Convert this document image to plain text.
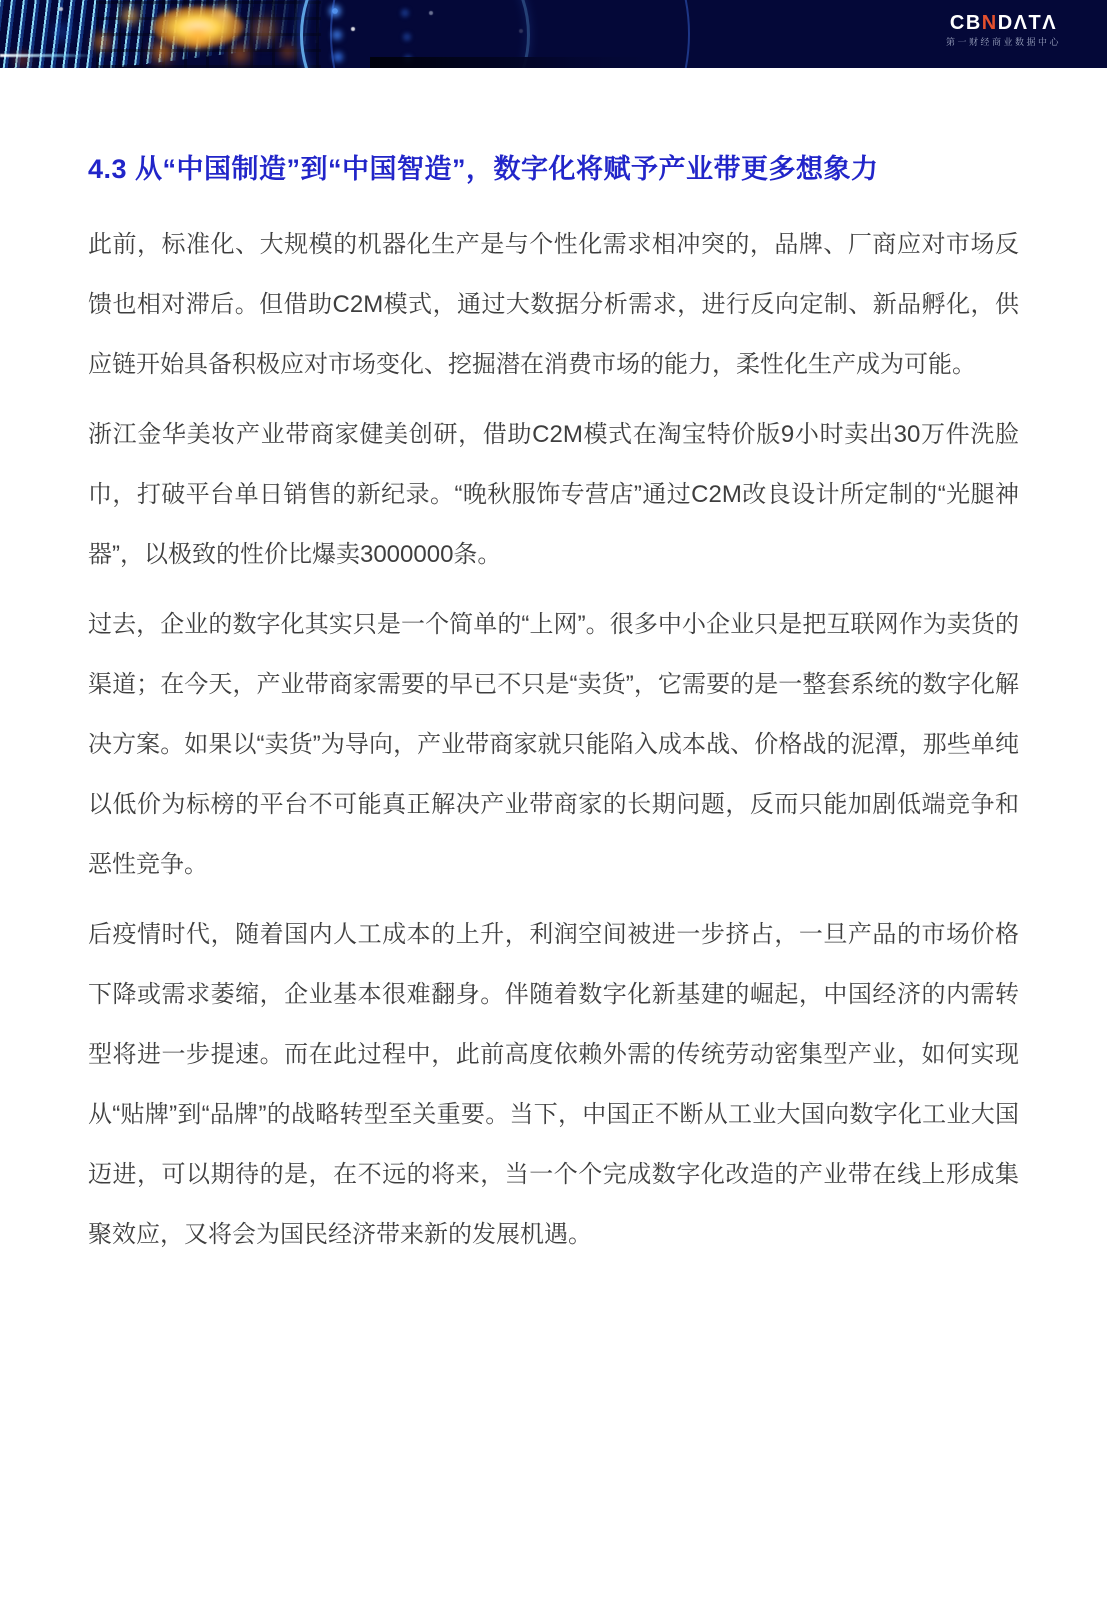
CBNDΛTΛ
第一财经商业数据中心
4.3 从“中国制造”到“中国智造”，数字化将赋予产业带更多想象力

此前，标准化、大规模的机器化生产是与个性化需求相冲突的，品牌、厂商应对市场反馈也相对滞后。但借助C2M模式，通过大数据分析需求，进行反向定制、新品孵化，供应链开始具备积极应对市场变化、挖掘潜在消费市场的能力，柔性化生产成为可能。

浙江金华美妆产业带商家健美创研，借助C2M模式在淘宝特价版9小时卖出30万件洗脸巾，打破平台单日销售的新纪录。“晚秋服饰专营店”通过C2M改良设计所定制的“光腿神器”，以极致的性价比爆卖3000000条。

过去，企业的数字化其实只是一个简单的“上网”。很多中小企业只是把互联网作为卖货的渠道；在今天，产业带商家需要的早已不只是“卖货”，它需要的是一整套系统的数字化解决方案。如果以“卖货”为导向，产业带商家就只能陷入成本战、价格战的泥潭，那些单纯以低价为标榜的平台不可能真正解决产业带商家的长期问题，反而只能加剧低端竞争和恶性竞争。

后疫情时代，随着国内人工成本的上升，利润空间被进一步挤占，一旦产品的市场价格下降或需求萎缩，企业基本很难翻身。伴随着数字化新基建的崛起，中国经济的内需转型将进一步提速。而在此过程中，此前高度依赖外需的传统劳动密集型产业，如何实现从“贴牌”到“品牌”的战略转型至关重要。当下，中国正不断从工业大国向数字化工业大国迈进，可以期待的是，在不远的将来，当一个个完成数字化改造的产业带在线上形成集聚效应，又将会为国民经济带来新的发展机遇。
